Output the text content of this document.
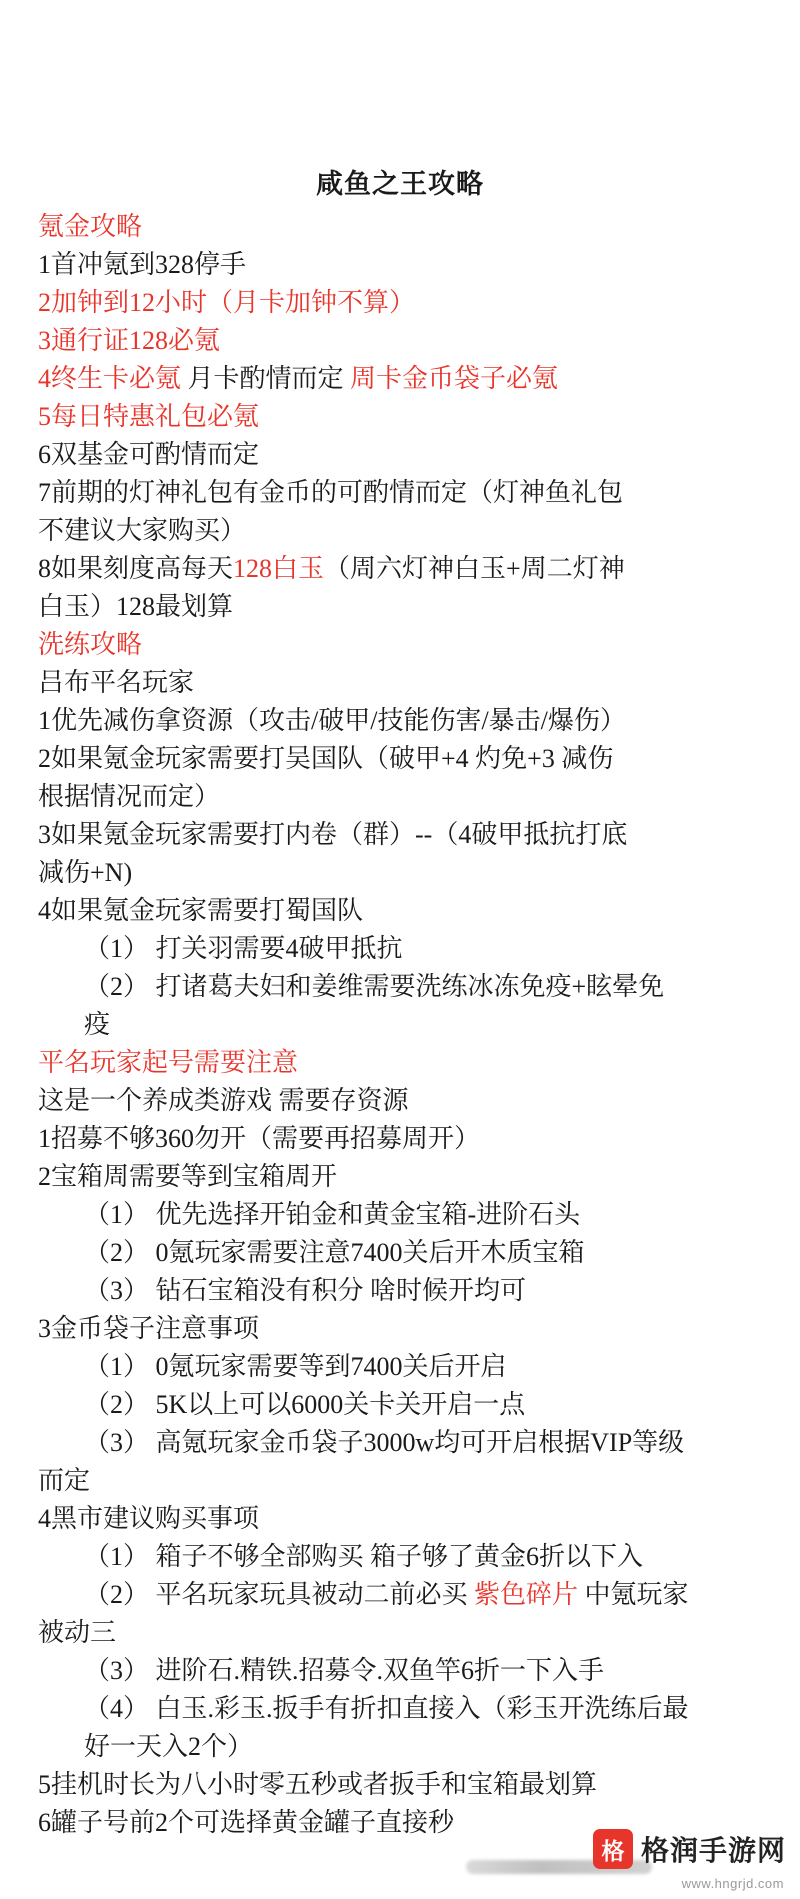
咸鱼之王攻略
氪金攻略
1首冲氪到328停手
2加钟到12小时（月卡加钟不算）
3通行证128必氪
4终生卡必氪 月卡酌情而定 周卡金币袋子必氪
5每日特惠礼包必氪
6双基金可酌情而定
7前期的灯神礼包有金币的可酌情而定（灯神鱼礼包
不建议大家购买）
8如果刻度高每天128白玉（周六灯神白玉+周二灯神
白玉）128最划算
洗练攻略
吕布平名玩家
1优先减伤拿资源（攻击/破甲/技能伤害/暴击/爆伤）
2如果氪金玩家需要打吴国队（破甲+4 灼免+3 减伤
根据情况而定）
3如果氪金玩家需要打内卷（群）--（4破甲抵抗打底
减伤+N)
4如果氪金玩家需要打蜀国队
（1） 打关羽需要4破甲抵抗
（2） 打诸葛夫妇和姜维需要洗练冰冻免疫+眩晕免
疫
平名玩家起号需要注意
这是一个养成类游戏 需要存资源
1招募不够360勿开（需要再招募周开）
2宝箱周需要等到宝箱周开
（1） 优先选择开铂金和黄金宝箱-进阶石头
（2） 0氪玩家需要注意7400关后开木质宝箱
（3） 钻石宝箱没有积分 啥时候开均可
3金币袋子注意事项
（1） 0氪玩家需要等到7400关后开启
（2） 5K以上可以6000关卡关开启一点
（3） 高氪玩家金币袋子3000w均可开启根据VIP等级
而定
4黑市建议购买事项
（1） 箱子不够全部购买 箱子够了黄金6折以下入
（2） 平名玩家玩具被动二前必买 紫色碎片 中氪玩家
被动三
（3） 进阶石.精铁.招募令.双鱼竿6折一下入手
（4） 白玉.彩玉.扳手有折扣直接入（彩玉开洗练后最
好一天入2个）
5挂机时长为八小时零五秒或者扳手和宝箱最划算
6罐子号前2个可选择黄金罐子直接秒
格 格润手游网
www.hngrjd.com
